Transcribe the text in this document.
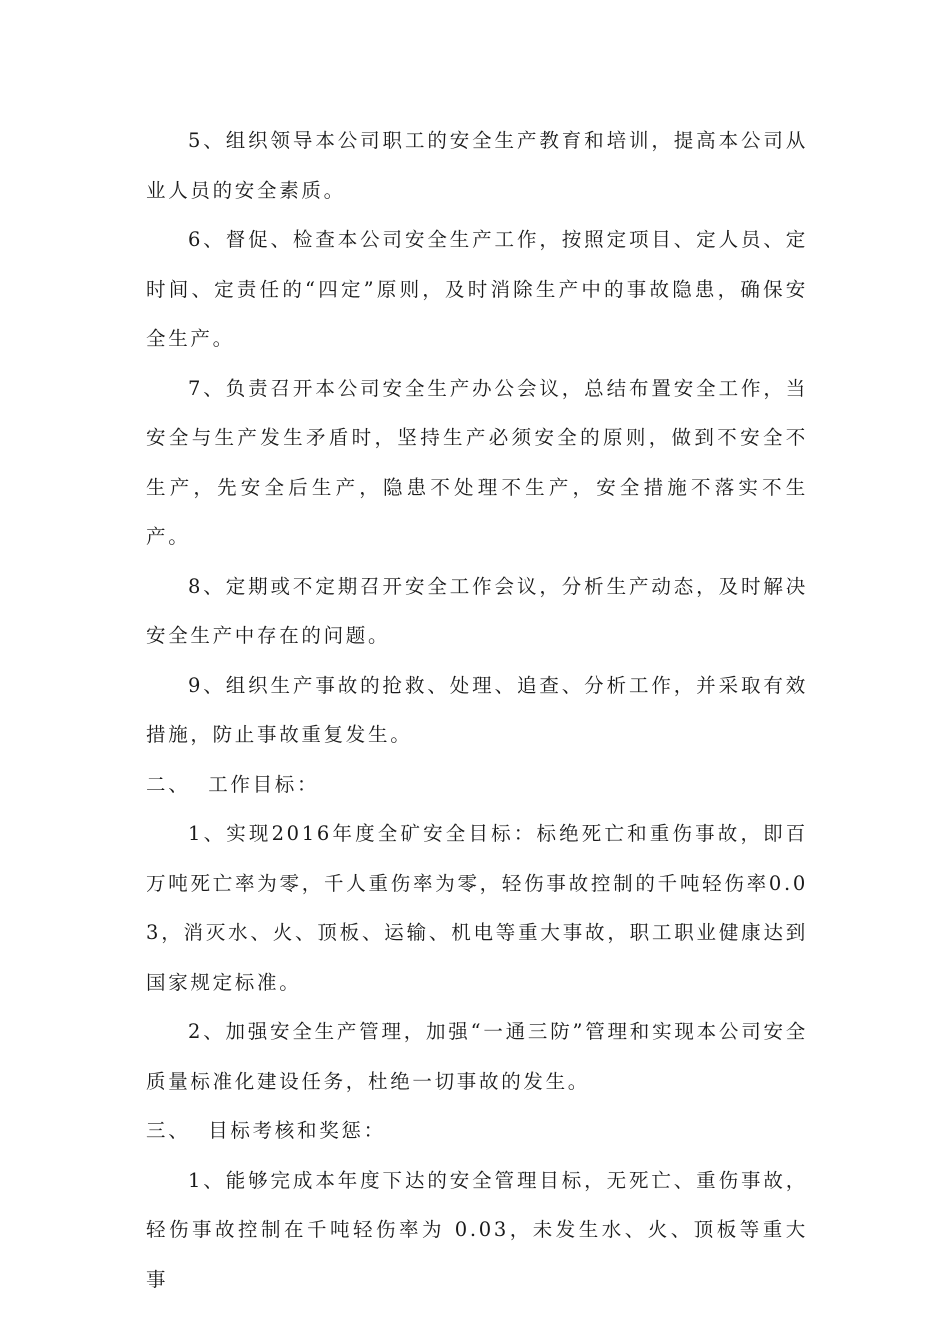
5、组织领导本公司职工的安全生产教育和培训，提高本公司从业人员的安全素质。

6、督促、检查本公司安全生产工作，按照定项目、定人员、定时间、定责任的“四定”原则，及时消除生产中的事故隐患，确保安全生产。

7、负责召开本公司安全生产办公会议，总结布置安全工作，当安全与生产发生矛盾时，坚持生产必须安全的原则，做到不安全不生产，先安全后生产，隐患不处理不生产，安全措施不落实不生产。

8、定期或不定期召开安全工作会议，分析生产动态，及时解决安全生产中存在的问题。

9、组织生产事故的抢救、处理、追查、分析工作，并采取有效措施，防止事故重复发生。

二、  工作目标：

1、实现2016年度全矿安全目标：标绝死亡和重伤事故，即百万吨死亡率为零，千人重伤率为零，轻伤事故控制的千吨轻伤率0.03，消灭水、火、顶板、运输、机电等重大事故，职工职业健康达到国家规定标准。

2、加强安全生产管理，加强“一通三防”管理和实现本公司安全质量标准化建设任务，杜绝一切事故的发生。

三、  目标考核和奖惩：

1、能够完成本年度下达的安全管理目标，无死亡、重伤事故，轻伤事故控制在千吨轻伤率为 0.03，未发生水、火、顶板等重大事
